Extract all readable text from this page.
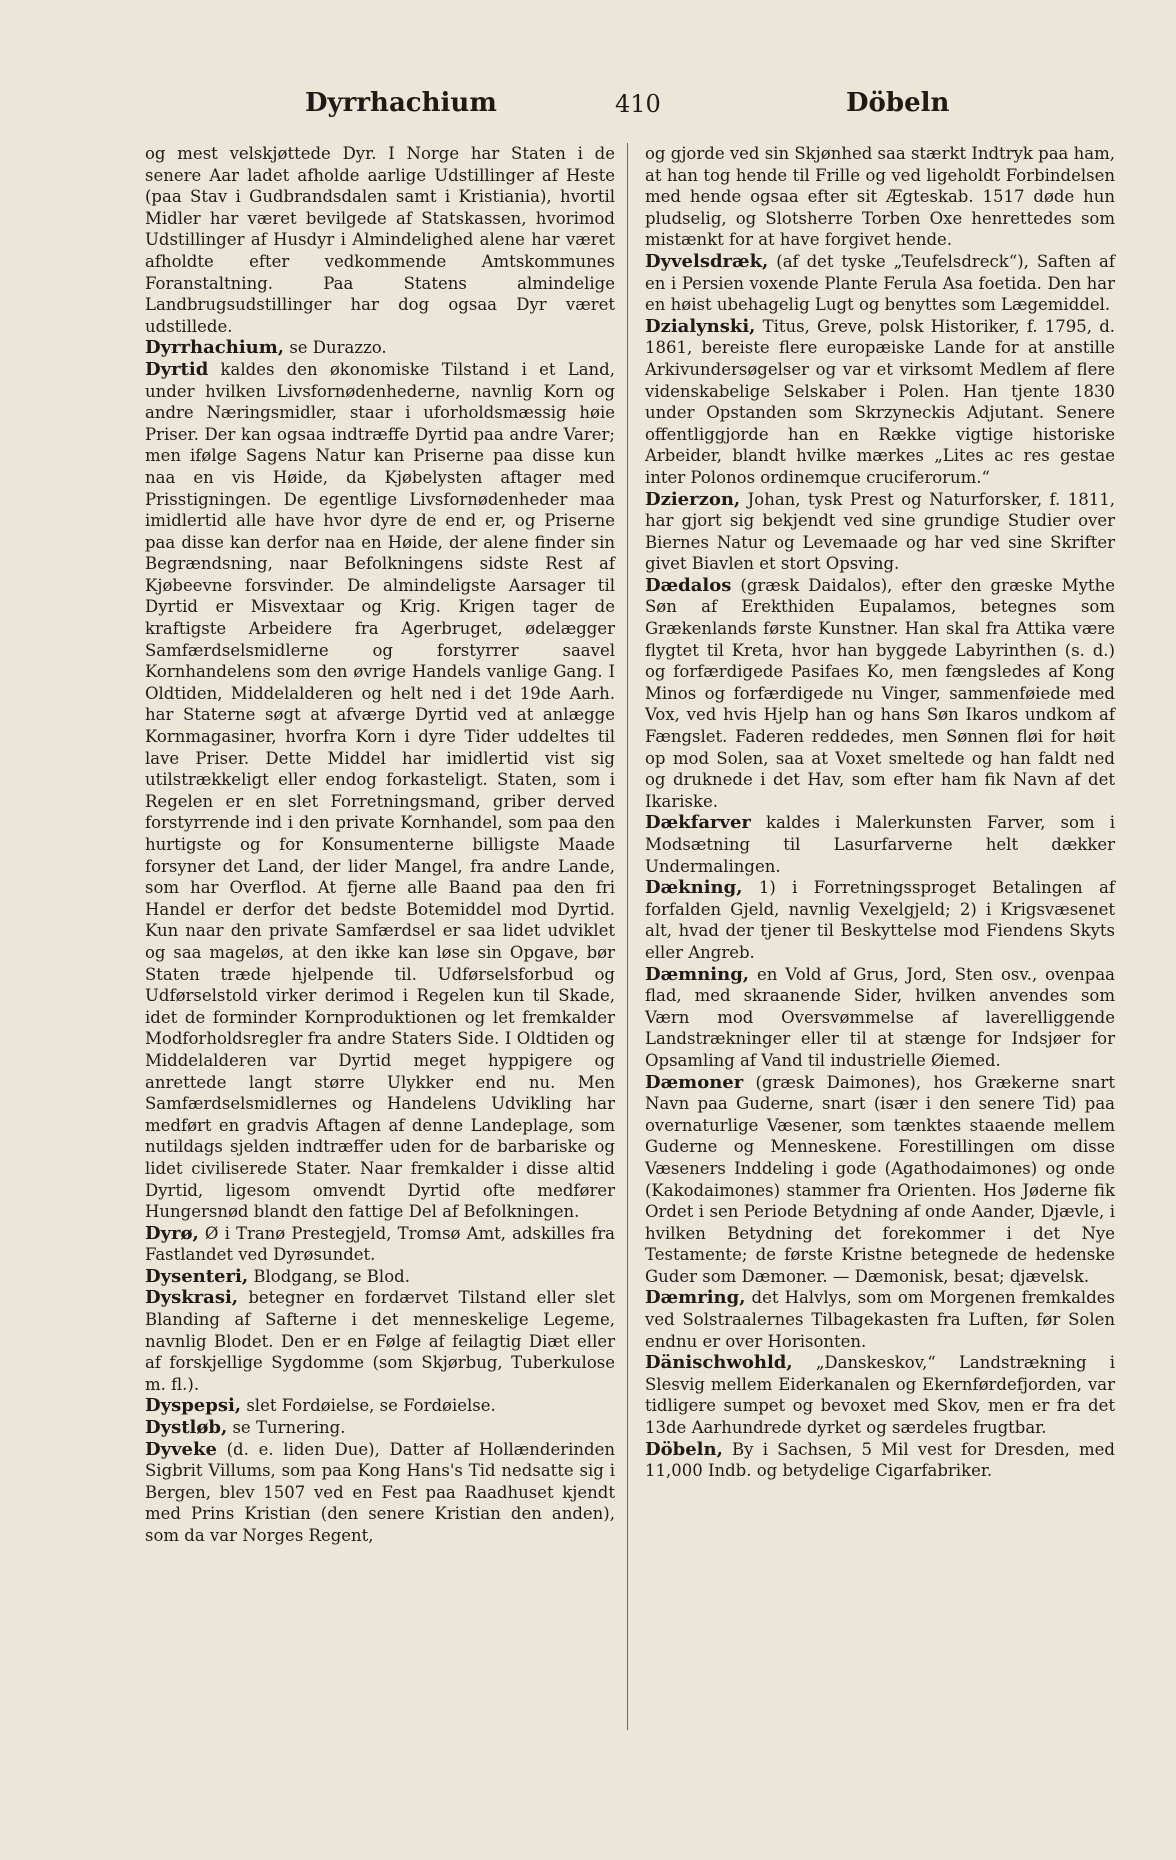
Dyrrhachium	410	Döbeln

og mest velskjøttede Dyr. I Norge har Staten i de senere Aar ladet afholde aarlige Udstillinger af Heste (paa Stav i Gudbrandsdalen samt i Kristiania), hvortil Midler har været bevilgede af Statskassen, hvorimod Udstillinger af Husdyr i Almindelighed alene har været afholdte efter vedkommende Amtskommunes Foranstaltning. Paa Statens almindelige Landbrugsudstillinger har dog ogsaa Dyr været udstillede.

Dyrrhachium, se Durazzo.

Dyrtid kaldes den økonomiske Tilstand i et Land, under hvilken Livsfornødenhederne, navnlig Korn og andre Næringsmidler, staar i uforholdsmæssig høie Priser. Der kan ogsaa indtræffe Dyrtid paa andre Varer; men ifølge Sagens Natur kan Priserne paa disse kun naa en vis Høide, da Kjøbelysten aftager med Prisstigningen. De egentlige Livsfornødenheder maa imidlertid alle have hvor dyre de end er, og Priserne paa disse kan derfor naa en Høide, der alene finder sin Begrændsning, naar Befolkningens sidste Rest af Kjøbeevne forsvinder. De almindeligste Aarsager til Dyrtid er Misvextaar og Krig. Krigen tager de kraftigste Arbeidere fra Agerbruget, ødelægger Samfærdselsmidlerne og forstyrrer saavel Kornhandelens som den øvrige Handels vanlige Gang. I Oldtiden, Middelalderen og helt ned i det 19de Aarh. har Staterne søgt at afværge Dyrtid ved at anlægge Kornmagasiner, hvorfra Korn i dyre Tider uddeltes til lave Priser. Dette Middel har imidlertid vist sig utilstrækkeligt eller endog forkasteligt. Staten, som i Regelen er en slet Forretningsmand, griber derved forstyrrende ind i den private Kornhandel, som paa den hurtigste og for Konsumenterne billigste Maade forsyner det Land, der lider Mangel, fra andre Lande, som har Overflod. At fjerne alle Baand paa den fri Handel er derfor det bedste Botemiddel mod Dyrtid. Kun naar den private Samfærdsel er saa lidet udviklet og saa mageløs, at den ikke kan løse sin Opgave, bør Staten træde hjelpende til. Udførselsforbud og Udførselstold virker derimod i Regelen kun til Skade, idet de forminder Kornproduktionen og let fremkalder Modforholdsregler fra andre Staters Side. I Oldtiden og Middelalderen var Dyrtid meget hyppigere og anrettede langt større Ulykker end nu. Men Samfærdselsmidlernes og Handelens Udvikling har medført en gradvis Aftagen af denne Landeplage, som nutildags sjelden indtræffer uden for de barbariske og lidet civiliserede Stater. Naar fremkalder i disse altid Dyrtid, ligesom omvendt Dyrtid ofte medfører Hungersnød blandt den fattige Del af Befolkningen.

Dyrø, Ø i Tranø Prestegjeld, Tromsø Amt, adskilles fra Fastlandet ved Dyrøsundet.

Dysenteri, Blodgang, se Blod.

Dyskrasi, betegner en fordærvet Tilstand eller slet Blanding af Safterne i det menneskelige Legeme, navnlig Blodet. Den er en Følge af feilagtig Diæt eller af forskjellige Sygdomme (som Skjørbug, Tuberkulose m. fl.).

Dyspepsi, slet Fordøielse, se Fordøielse.

Dystløb, se Turnering.

Dyveke (d. e. liden Due), Datter af Hollænderinden Sigbrit Villums, som paa Kong Hans's Tid nedsatte sig i Bergen, blev 1507 ved en Fest paa Raadhuset kjendt med Prins Kristian (den senere Kristian den anden), som da var Norges Regent,

og gjorde ved sin Skjønhed saa stærkt Indtryk paa ham, at han tog hende til Frille og ved ligeholdt Forbindelsen med hende ogsaa efter sit Ægteskab. 1517 døde hun pludselig, og Slotsherre Torben Oxe henrettedes som mistænkt for at have forgivet hende.

Dyvelsdræk, (af det tyske „Teufelsdreck“), Saften af en i Persien voxende Plante Ferula Asa foetida. Den har en høist ubehagelig Lugt og benyttes som Lægemiddel.

Dzialynski, Titus, Greve, polsk Historiker, f. 1795, d. 1861, bereiste flere europæiske Lande for at anstille Arkivundersøgelser og var et virksomt Medlem af flere videnskabelige Selskaber i Polen. Han tjente 1830 under Opstanden som Skrzyneckis Adjutant. Senere offentliggjorde han en Række vigtige historiske Arbeider, blandt hvilke mærkes „Lites ac res gestae inter Polonos ordinemque cruciferorum.“

Dzierzon, Johan, tysk Prest og Naturforsker, f. 1811, har gjort sig bekjendt ved sine grundige Studier over Biernes Natur og Levemaade og har ved sine Skrifter givet Biavlen et stort Opsving.

Dædalos (græsk Daidalos), efter den græske Mythe Søn af Erekthiden Eupalamos, betegnes som Grækenlands første Kunstner. Han skal fra Attika være flygtet til Kreta, hvor han byggede Labyrinthen (s. d.) og forfærdigede Pasifaes Ko, men fængsledes af Kong Minos og forfærdigede nu Vinger, sammenføiede med Vox, ved hvis Hjelp han og hans Søn Ikaros undkom af Fængslet. Faderen reddedes, men Sønnen fløi for høit op mod Solen, saa at Voxet smeltede og han faldt ned og druknede i det Hav, som efter ham fik Navn af det Ikariske.

Dækfarver kaldes i Malerkunsten Farver, som i Modsætning til Lasurfarverne helt dækker Undermalingen.

Dækning, 1) i Forretningssproget Betalingen af forfalden Gjeld, navnlig Vexelgjeld; 2) i Krigsvæsenet alt, hvad der tjener til Beskyttelse mod Fiendens Skyts eller Angreb.

Dæmning, en Vold af Grus, Jord, Sten osv., ovenpaa flad, med skraanende Sider, hvilken anvendes som Værn mod Oversvømmelse af laverelliggende Landstrækninger eller til at stænge for Indsjøer for Opsamling af Vand til industrielle Øiemed.

Dæmoner (græsk Daimones), hos Grækerne snart Navn paa Guderne, snart (især i den senere Tid) paa overnaturlige Væsener, som tænktes staaende mellem Guderne og Menneskene. Forestillingen om disse Væseners Inddeling i gode (Agathodaimones) og onde (Kakodaimones) stammer fra Orienten. Hos Jøderne fik Ordet i sen Periode Betydning af onde Aander, Djævle, i hvilken Betydning det forekommer i det Nye Testamente; de første Kristne betegnede de hedenske Guder som Dæmoner. — Dæmonisk, besat; djævelsk.

Dæmring, det Halvlys, som om Morgenen fremkaldes ved Solstraalernes Tilbagekasten fra Luften, før Solen endnu er over Horisonten.

Dänischwohld, „Danskeskov,“ Landstrækning i Slesvig mellem Eiderkanalen og Ekernførdefjorden, var tidligere sumpet og bevoxet med Skov, men er fra det 13de Aarhundrede dyrket og særdeles frugtbar.

Döbeln, By i Sachsen, 5 Mil vest for Dresden, med 11,000 Indb. og betydelige Cigarfabriker.
